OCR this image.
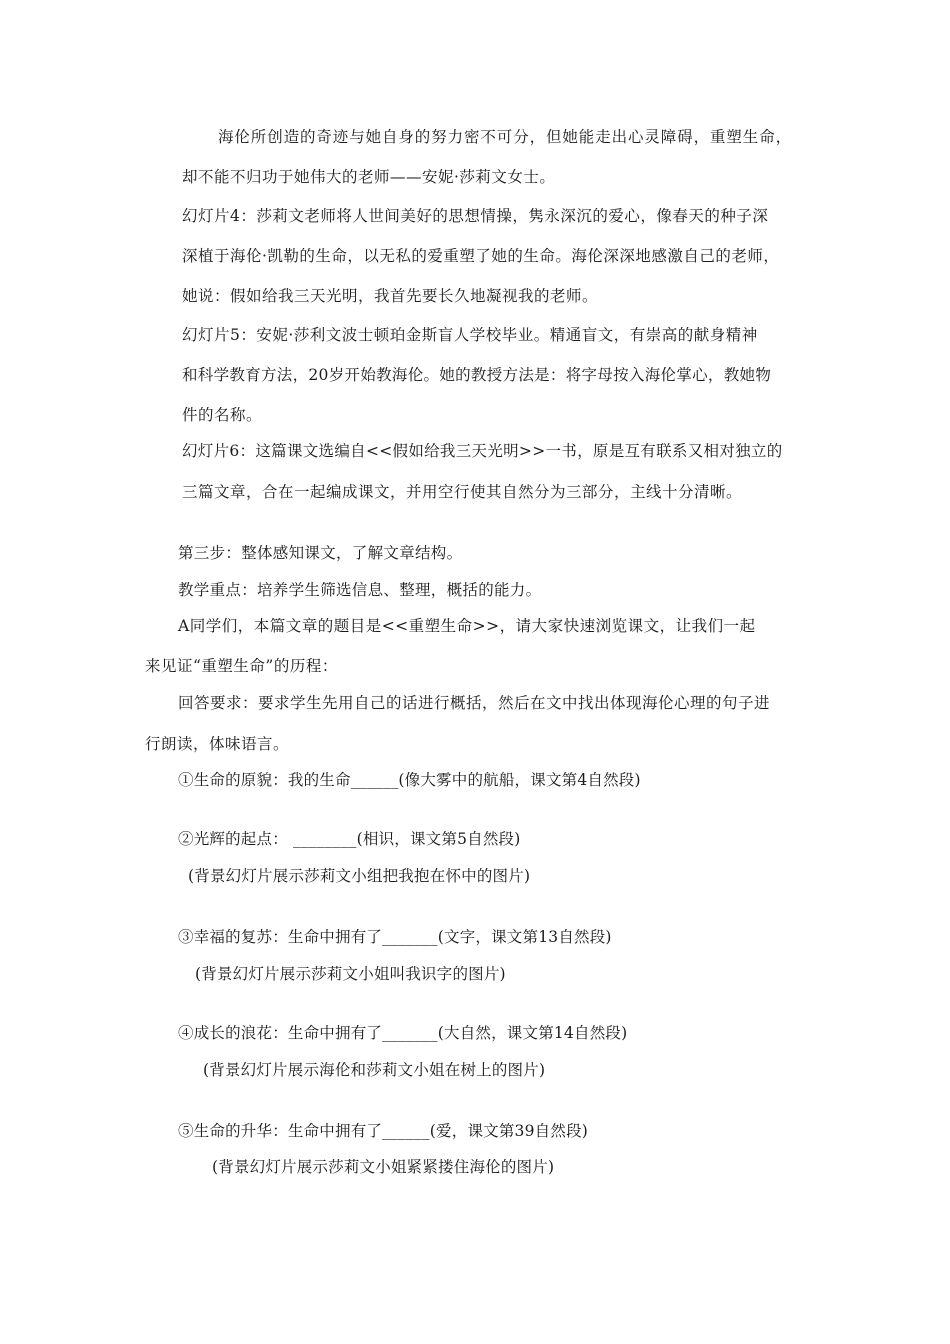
海伦所创造的奇迹与她自身的努力密不可分，但她能走出心灵障碍，重塑生命，

却不能不归功于她伟大的老师——安妮·莎莉文女士。

幻灯片4：莎莉文老师将人世间美好的思想情操，隽永深沉的爱心，像春天的种子深

深植于海伦·凯勒的生命，以无私的爱重塑了她的生命。海伦深深地感激自己的老师，

她说：假如给我三天光明，我首先要长久地凝视我的老师。

幻灯片5：安妮·莎利文波士顿珀金斯盲人学校毕业。精通盲文，有崇高的献身精神

和科学教育方法，20岁开始教海伦。她的教授方法是：将字母按入海伦掌心，教她物

件的名称。

幻灯片6：这篇课文选编自<<假如给我三天光明>>一书，原是互有联系又相对独立的

三篇文章，合在一起编成课文，并用空行使其自然分为三部分，主线十分清晰。

第三步：整体感知课文，了解文章结构。

教学重点：培养学生筛选信息、整理，概括的能力。

A同学们，本篇文章的题目是<<重塑生命>>，请大家快速浏览课文，让我们一起

来见证“重塑生命”的历程：

回答要求：要求学生先用自己的话进行概括，然后在文中找出体现海伦心理的句子进

行朗读，体味语言。

①生命的原貌：我的生命______(像大雾中的航船，课文第4自然段)

②光辉的起点： ________(相识，课文第5自然段)

(背景幻灯片展示莎莉文小组把我抱在怀中的图片)

③幸福的复苏：生命中拥有了_______(文字，课文第13自然段)

(背景幻灯片展示莎莉文小姐叫我识字的图片)

④成长的浪花：生命中拥有了_______(大自然，课文第14自然段)

(背景幻灯片展示海伦和莎莉文小姐在树上的图片)

⑤生命的升华：生命中拥有了______(爱，课文第39自然段)

(背景幻灯片展示莎莉文小姐紧紧搂住海伦的图片)
